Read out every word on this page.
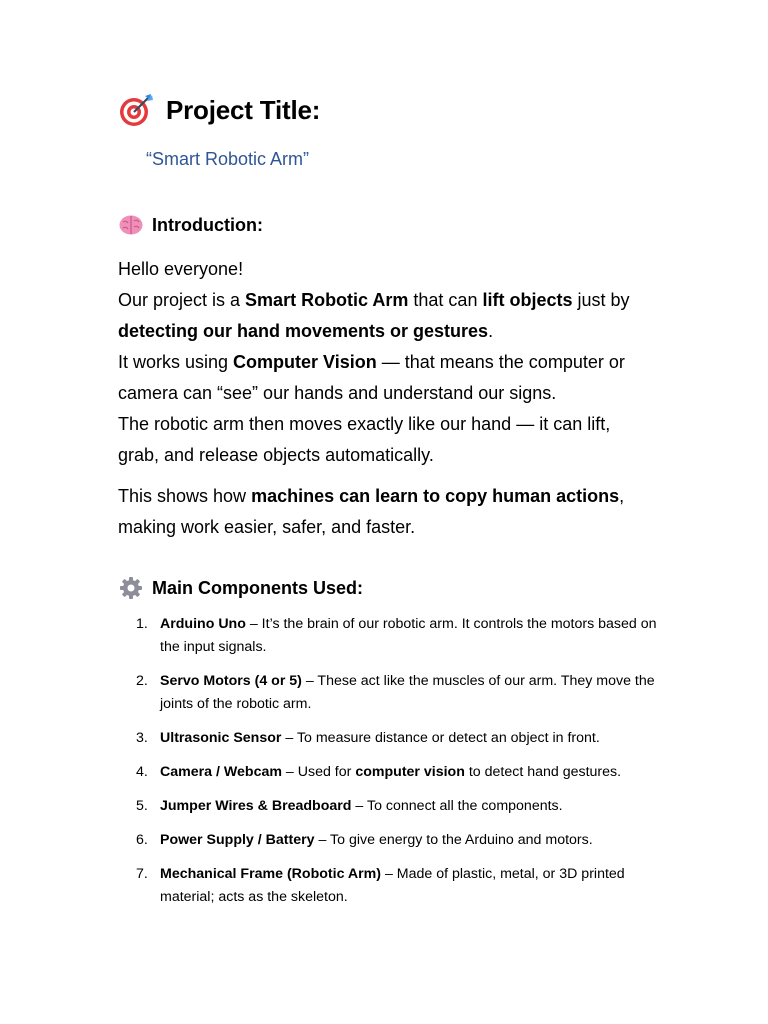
Project Title:
“Smart Robotic Arm”
Introduction:

Hello everyone!
Our project is a Smart Robotic Arm that can lift objects just by detecting our hand movements or gestures.
It works using Computer Vision — that means the computer or camera can “see” our hands and understand our signs.
The robotic arm then moves exactly like our hand — it can lift, grab, and release objects automatically.

This shows how machines can learn to copy human actions, making work easier, safer, and faster.

Main Components Used:
1. Arduino Uno – It’s the brain of our robotic arm. It controls the motors based on the input signals.
2. Servo Motors (4 or 5) – These act like the muscles of our arm. They move the joints of the robotic arm.
3. Ultrasonic Sensor – To measure distance or detect an object in front.
4. Camera / Webcam – Used for computer vision to detect hand gestures.
5. Jumper Wires & Breadboard – To connect all the components.
6. Power Supply / Battery – To give energy to the Arduino and motors.
7. Mechanical Frame (Robotic Arm) – Made of plastic, metal, or 3D printed material; acts as the skeleton.
